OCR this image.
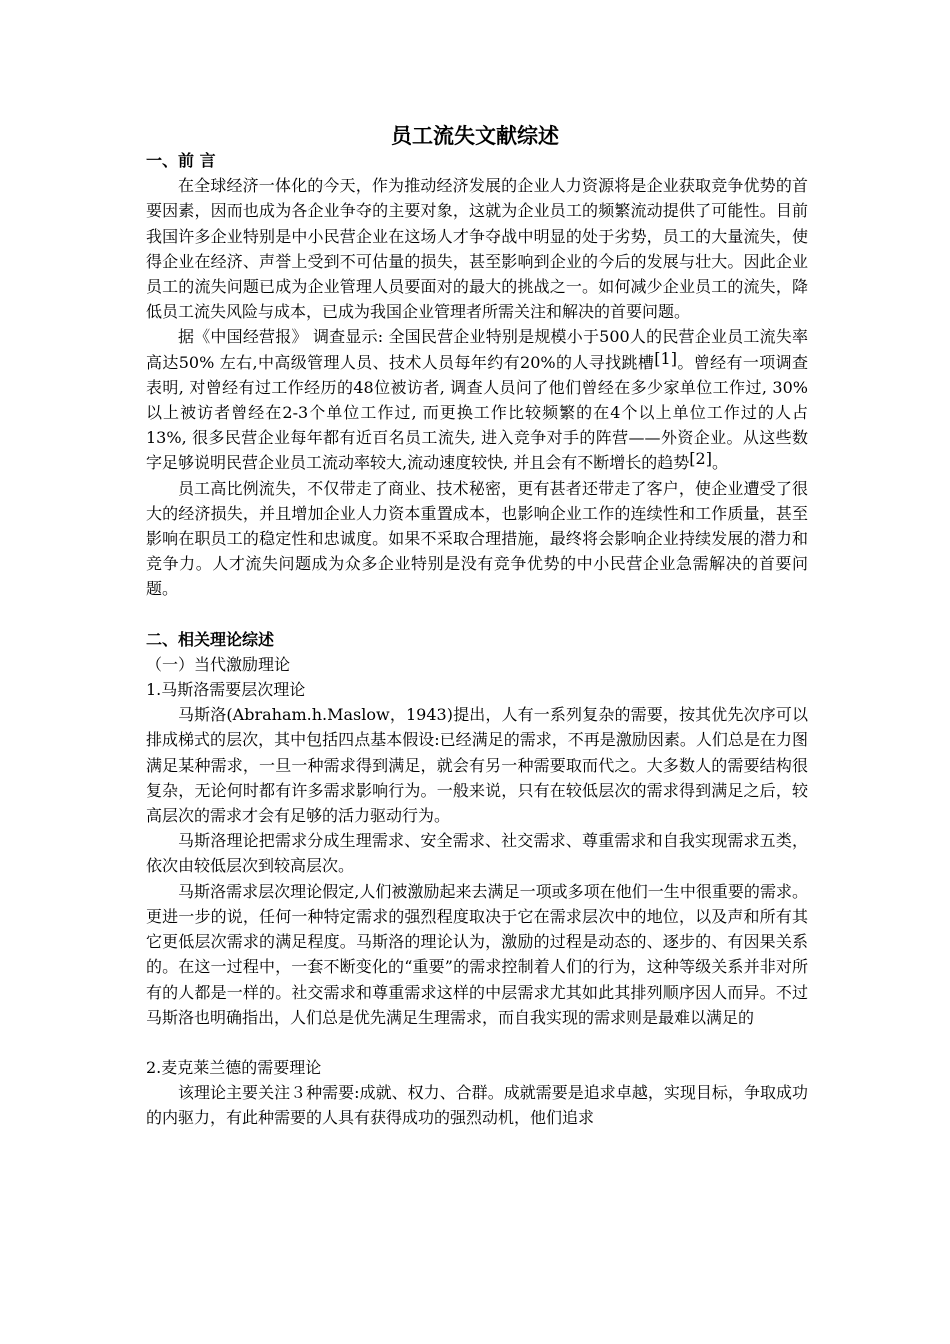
员工流失文献综述
一、前 言

在全球经济一体化的今天，作为推动经济发展的企业人力资源将是企业获取竞争优势的首要因素，因而也成为各企业争夺的主要对象，这就为企业员工的频繁流动提供了可能性。目前我国许多企业特别是中小民营企业在这场人才争夺战中明显的处于劣势，员工的大量流失，使得企业在经济、声誉上受到不可估量的损失，甚至影响到企业的今后的发展与壮大。因此企业员工的流失问题已成为企业管理人员要面对的最大的挑战之一。如何减少企业员工的流失，降低员工流失风险与成本，已成为我国企业管理者所需关注和解决的首要问题。

据《中国经营报》 调查显示: 全国民营企业特别是规模小于500人的民营企业员工流失率高达50% 左右,中高级管理人员、技术人员每年约有20%的人寻找跳槽[1]。曾经有一项调查表明, 对曾经有过工作经历的48位被访者, 调查人员问了他们曾经在多少家单位工作过, 30%以上被访者曾经在2-3个单位工作过, 而更换工作比较频繁的在4个以上单位工作过的人占13%, 很多民营企业每年都有近百名员工流失, 进入竞争对手的阵营——外资企业。从这些数字足够说明民营企业员工流动率较大,流动速度较快, 并且会有不断增长的趋势[2]。

员工高比例流失，不仅带走了商业、技术秘密，更有甚者还带走了客户，使企业遭受了很大的经济损失，并且增加企业人力资本重置成本，也影响企业工作的连续性和工作质量，甚至影响在职员工的稳定性和忠诚度。如果不采取合理措施，最终将会影响企业持续发展的潜力和竞争力。人才流失问题成为众多企业特别是没有竞争优势的中小民营企业急需解决的首要问题。

二、相关理论综述
（一）当代激励理论
1.马斯洛需要层次理论

马斯洛(Abraham.h.Maslow，1943)提出，人有一系列复杂的需要，按其优先次序可以排成梯式的层次，其中包括四点基本假设:已经满足的需求，不再是激励因素。人们总是在力图满足某种需求，一旦一种需求得到满足，就会有另一种需要取而代之。大多数人的需要结构很复杂，无论何时都有许多需求影响行为。一般来说，只有在较低层次的需求得到满足之后，较高层次的需求才会有足够的活力驱动行为。

马斯洛理论把需求分成生理需求、安全需求、社交需求、尊重需求和自我实现需求五类，依次由较低层次到较高层次。

马斯洛需求层次理论假定,人们被激励起来去满足一项或多项在他们一生中很重要的需求。更进一步的说，任何一种特定需求的强烈程度取决于它在需求层次中的地位，以及声和所有其它更低层次需求的满足程度。马斯洛的理论认为，激励的过程是动态的、逐步的、有因果关系的。在这一过程中，一套不断变化的“重要”的需求控制着人们的行为，这种等级关系并非对所有的人都是一样的。社交需求和尊重需求这样的中层需求尤其如此其排列顺序因人而异。不过马斯洛也明确指出，人们总是优先满足生理需求，而自我实现的需求则是最难以满足的

2.麦克莱兰德的需要理论

该理论主要关注３种需要:成就、权力、合群。成就需要是追求卓越，实现目标，争取成功的内驱力，有此种需要的人具有获得成功的强烈动机，他们追求
